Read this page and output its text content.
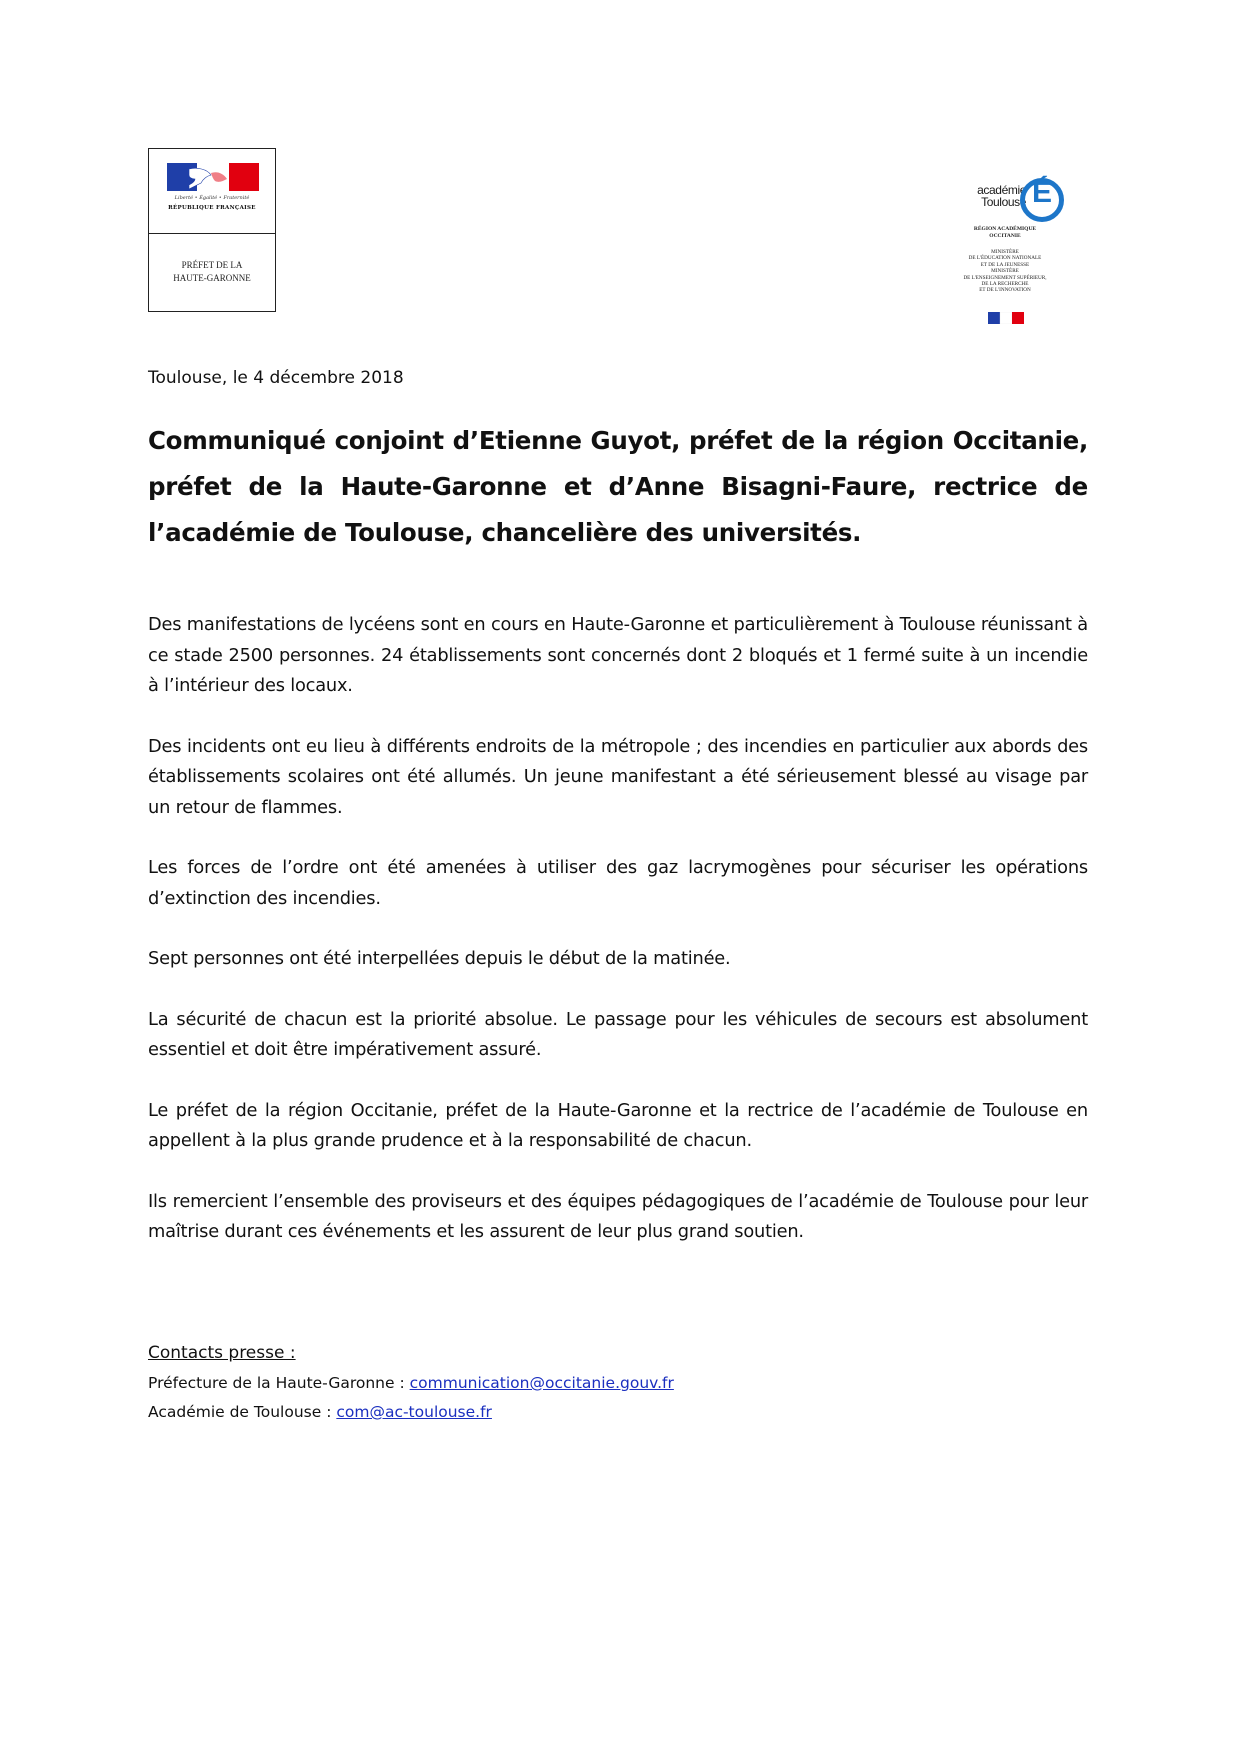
Liberté • Égalité • Fraternité
RÉPUBLIQUE FRANÇAISE
PRÉFET DE LA
HAUTE-GARONNE
académie
Toulouse É
RÉGION ACADÉMIQUE
OCCITANIE
MINISTÈRE
DE L'ÉDUCATION NATIONALE
ET DE LA JEUNESSE
MINISTÈRE
DE L'ENSEIGNEMENT SUPÉRIEUR,
DE LA RECHERCHE
ET DE L'INNOVATION
Toulouse, le 4 décembre 2018
Communiqué conjoint d’Etienne Guyot, préfet de la région Occitanie, préfet de la Haute-Garonne et d’Anne Bisagni-Faure, rectrice de l’académie de Toulouse, chancelière des universités.

Des manifestations de lycéens sont en cours en Haute-Garonne et particulièrement à Toulouse réunissant à ce stade 2500 personnes. 24 établissements sont concernés dont 2 bloqués et 1 fermé suite à un incendie à l’intérieur des locaux.

Des incidents ont eu lieu à différents endroits de la métropole ; des incendies en particulier aux abords des établissements scolaires ont été allumés. Un jeune manifestant a été sérieusement blessé au visage par un retour de flammes.

Les forces de l’ordre ont été amenées à utiliser des gaz lacrymogènes pour sécuriser les opérations d’extinction des incendies.

Sept personnes ont été interpellées depuis le début de la matinée.

La sécurité de chacun est la priorité absolue. Le passage pour les véhicules de secours est absolument essentiel et doit être impérativement assuré.

Le préfet de la région Occitanie, préfet de la Haute-Garonne et la rectrice de l’académie de Toulouse en appellent à la plus grande prudence et à la responsabilité de chacun.

Ils remercient l’ensemble des proviseurs et des équipes pédagogiques de l’académie de Toulouse pour leur maîtrise durant ces événements et les assurent de leur plus grand soutien.

Contacts presse :
Préfecture de la Haute-Garonne : communication@occitanie.gouv.fr
Académie de Toulouse : com@ac-toulouse.fr
